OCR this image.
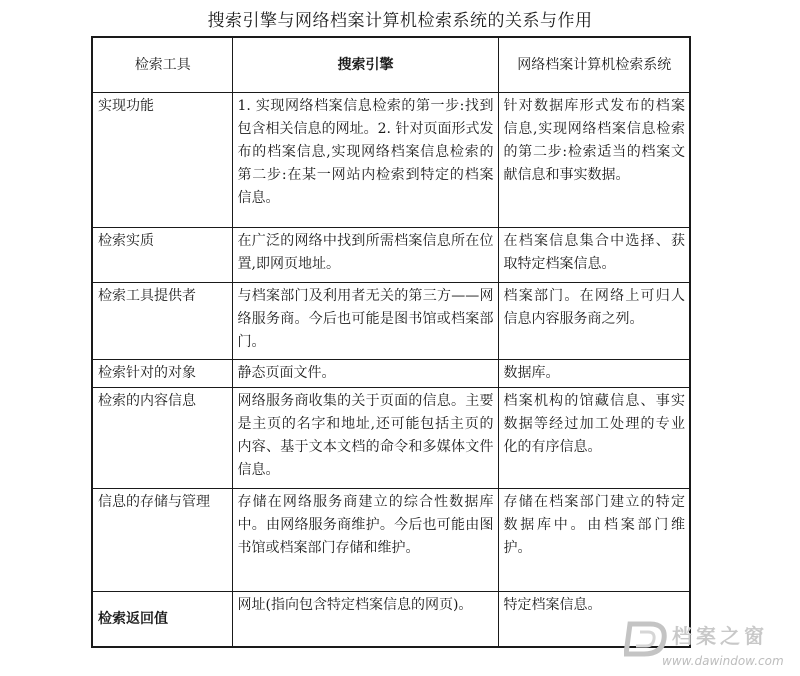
搜索引擎与网络档案计算机检索系统的关系与作用
检索工具	搜索引擎	网络档案计算机检索系统
实现功能	1. 实现网络档案信息检索的第一步:找到包含相关信息的网址。2. 针对页面形式发布的档案信息,实现网络档案信息检索的第二步:在某一网站内检索到特定的档案信息。	针对数据库形式发布的档案信息,实现网络档案信息检索的第二步:检索适当的档案文献信息和事实数据。
检索实质	在广泛的网络中找到所需档案信息所在位置,即网页地址。	在档案信息集合中选择、获取特定档案信息。
检索工具提供者	与档案部门及利用者无关的第三方——网络服务商。今后也可能是图书馆或档案部门。	档案部门。在网络上可归人信息内容服务商之列。
检索针对的对象	静态页面文件。	数据库。
检索的内容信息	网络服务商收集的关于页面的信息。主要是主页的名字和地址,还可能包括主页的内容、基于文本文档的命令和多媒体文件信息。	档案机构的馆藏信息、事实数据等经过加工处理的专业化的有序信息。
信息的存储与管理	存储在网络服务商建立的综合性数据库中。由网络服务商维护。今后也可能由图书馆或档案部门存储和维护。	存储在档案部门建立的特定数据库中。由档案部门维护。
检索返回值	网址(指向包含特定档案信息的网页)。	特定档案信息。
档案之窗
www.dawindow.com
